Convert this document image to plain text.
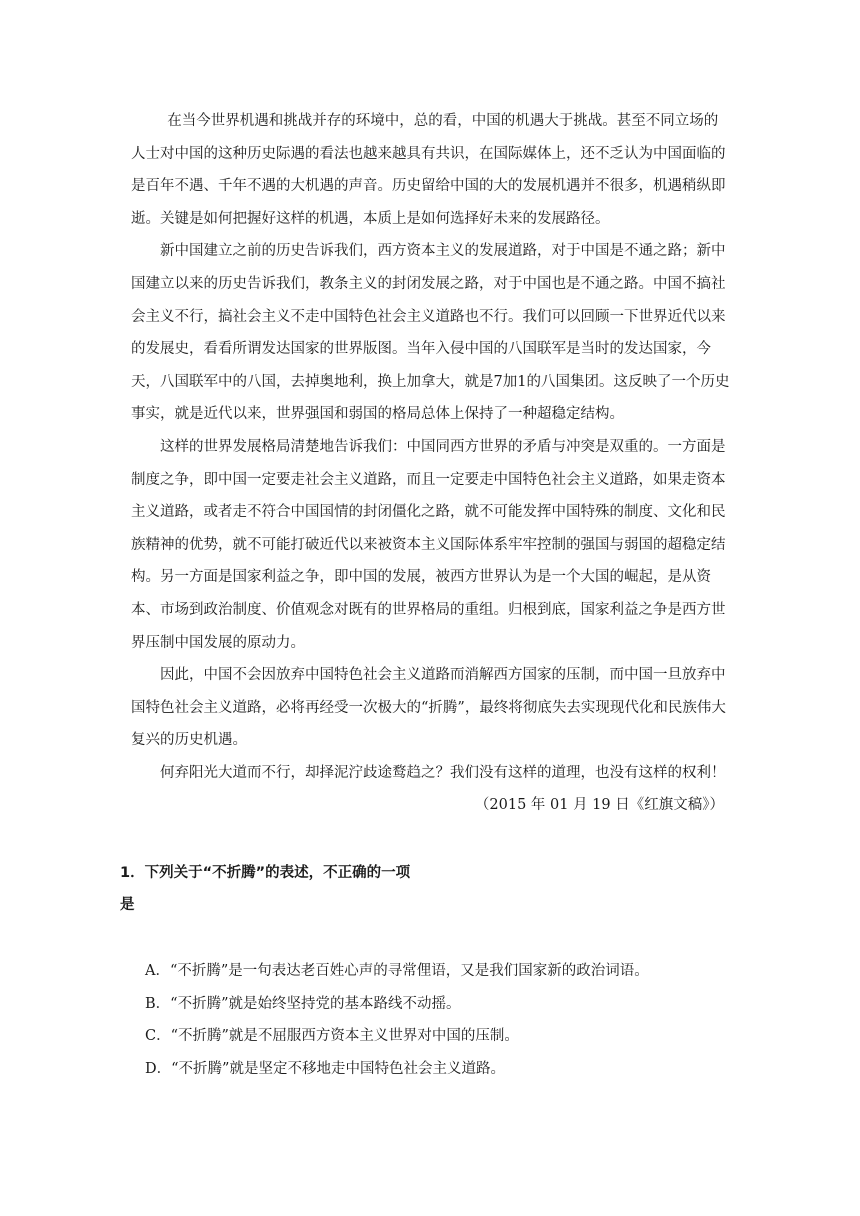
在当今世界机遇和挑战并存的环境中，总的看，中国的机遇大于挑战。甚至不同立场的人士对中国的这种历史际遇的看法也越来越具有共识，在国际媒体上，还不乏认为中国面临的是百年不遇、千年不遇的大机遇的声音。历史留给中国的大的发展机遇并不很多，机遇稍纵即逝。关键是如何把握好这样的机遇，本质上是如何选择好未来的发展路径。

新中国建立之前的历史告诉我们，西方资本主义的发展道路，对于中国是不通之路；新中国建立以来的历史告诉我们，教条主义的封闭发展之路，对于中国也是不通之路。中国不搞社会主义不行，搞社会主义不走中国特色社会主义道路也不行。我们可以回顾一下世界近代以来的发展史，看看所谓发达国家的世界版图。当年入侵中国的八国联军是当时的发达国家，今天，八国联军中的八国，去掉奥地利，换上加拿大，就是7加1的八国集团。这反映了一个历史事实，就是近代以来，世界强国和弱国的格局总体上保持了一种超稳定结构。

这样的世界发展格局清楚地告诉我们：中国同西方世界的矛盾与冲突是双重的。一方面是制度之争，即中国一定要走社会主义道路，而且一定要走中国特色社会主义道路，如果走资本主义道路，或者走不符合中国国情的封闭僵化之路，就不可能发挥中国特殊的制度、文化和民族精神的优势，就不可能打破近代以来被资本主义国际体系牢牢控制的强国与弱国的超稳定结构。另一方面是国家利益之争，即中国的发展，被西方世界认为是一个大国的崛起，是从资本、市场到政治制度、价值观念对既有的世界格局的重组。归根到底，国家利益之争是西方世界压制中国发展的原动力。

因此，中国不会因放弃中国特色社会主义道路而消解西方国家的压制，而中国一旦放弃中国特色社会主义道路，必将再经受一次极大的“折腾”，最终将彻底失去实现现代化和民族伟大复兴的历史机遇。

何弃阳光大道而不行，却择泥泞歧途鹜趋之？我们没有这样的道理，也没有这样的权利！

（2015 年 01 月 19 日《红旗文稿》）

1．下列关于“不折腾”的表述，不正确的一项

是

A．“不折腾”是一句表达老百姓心声的寻常俚语，又是我们国家新的政治词语。

B．“不折腾”就是始终坚持党的基本路线不动摇。

C．“不折腾”就是不屈服西方资本主义世界对中国的压制。

D．“不折腾”就是坚定不移地走中国特色社会主义道路。
